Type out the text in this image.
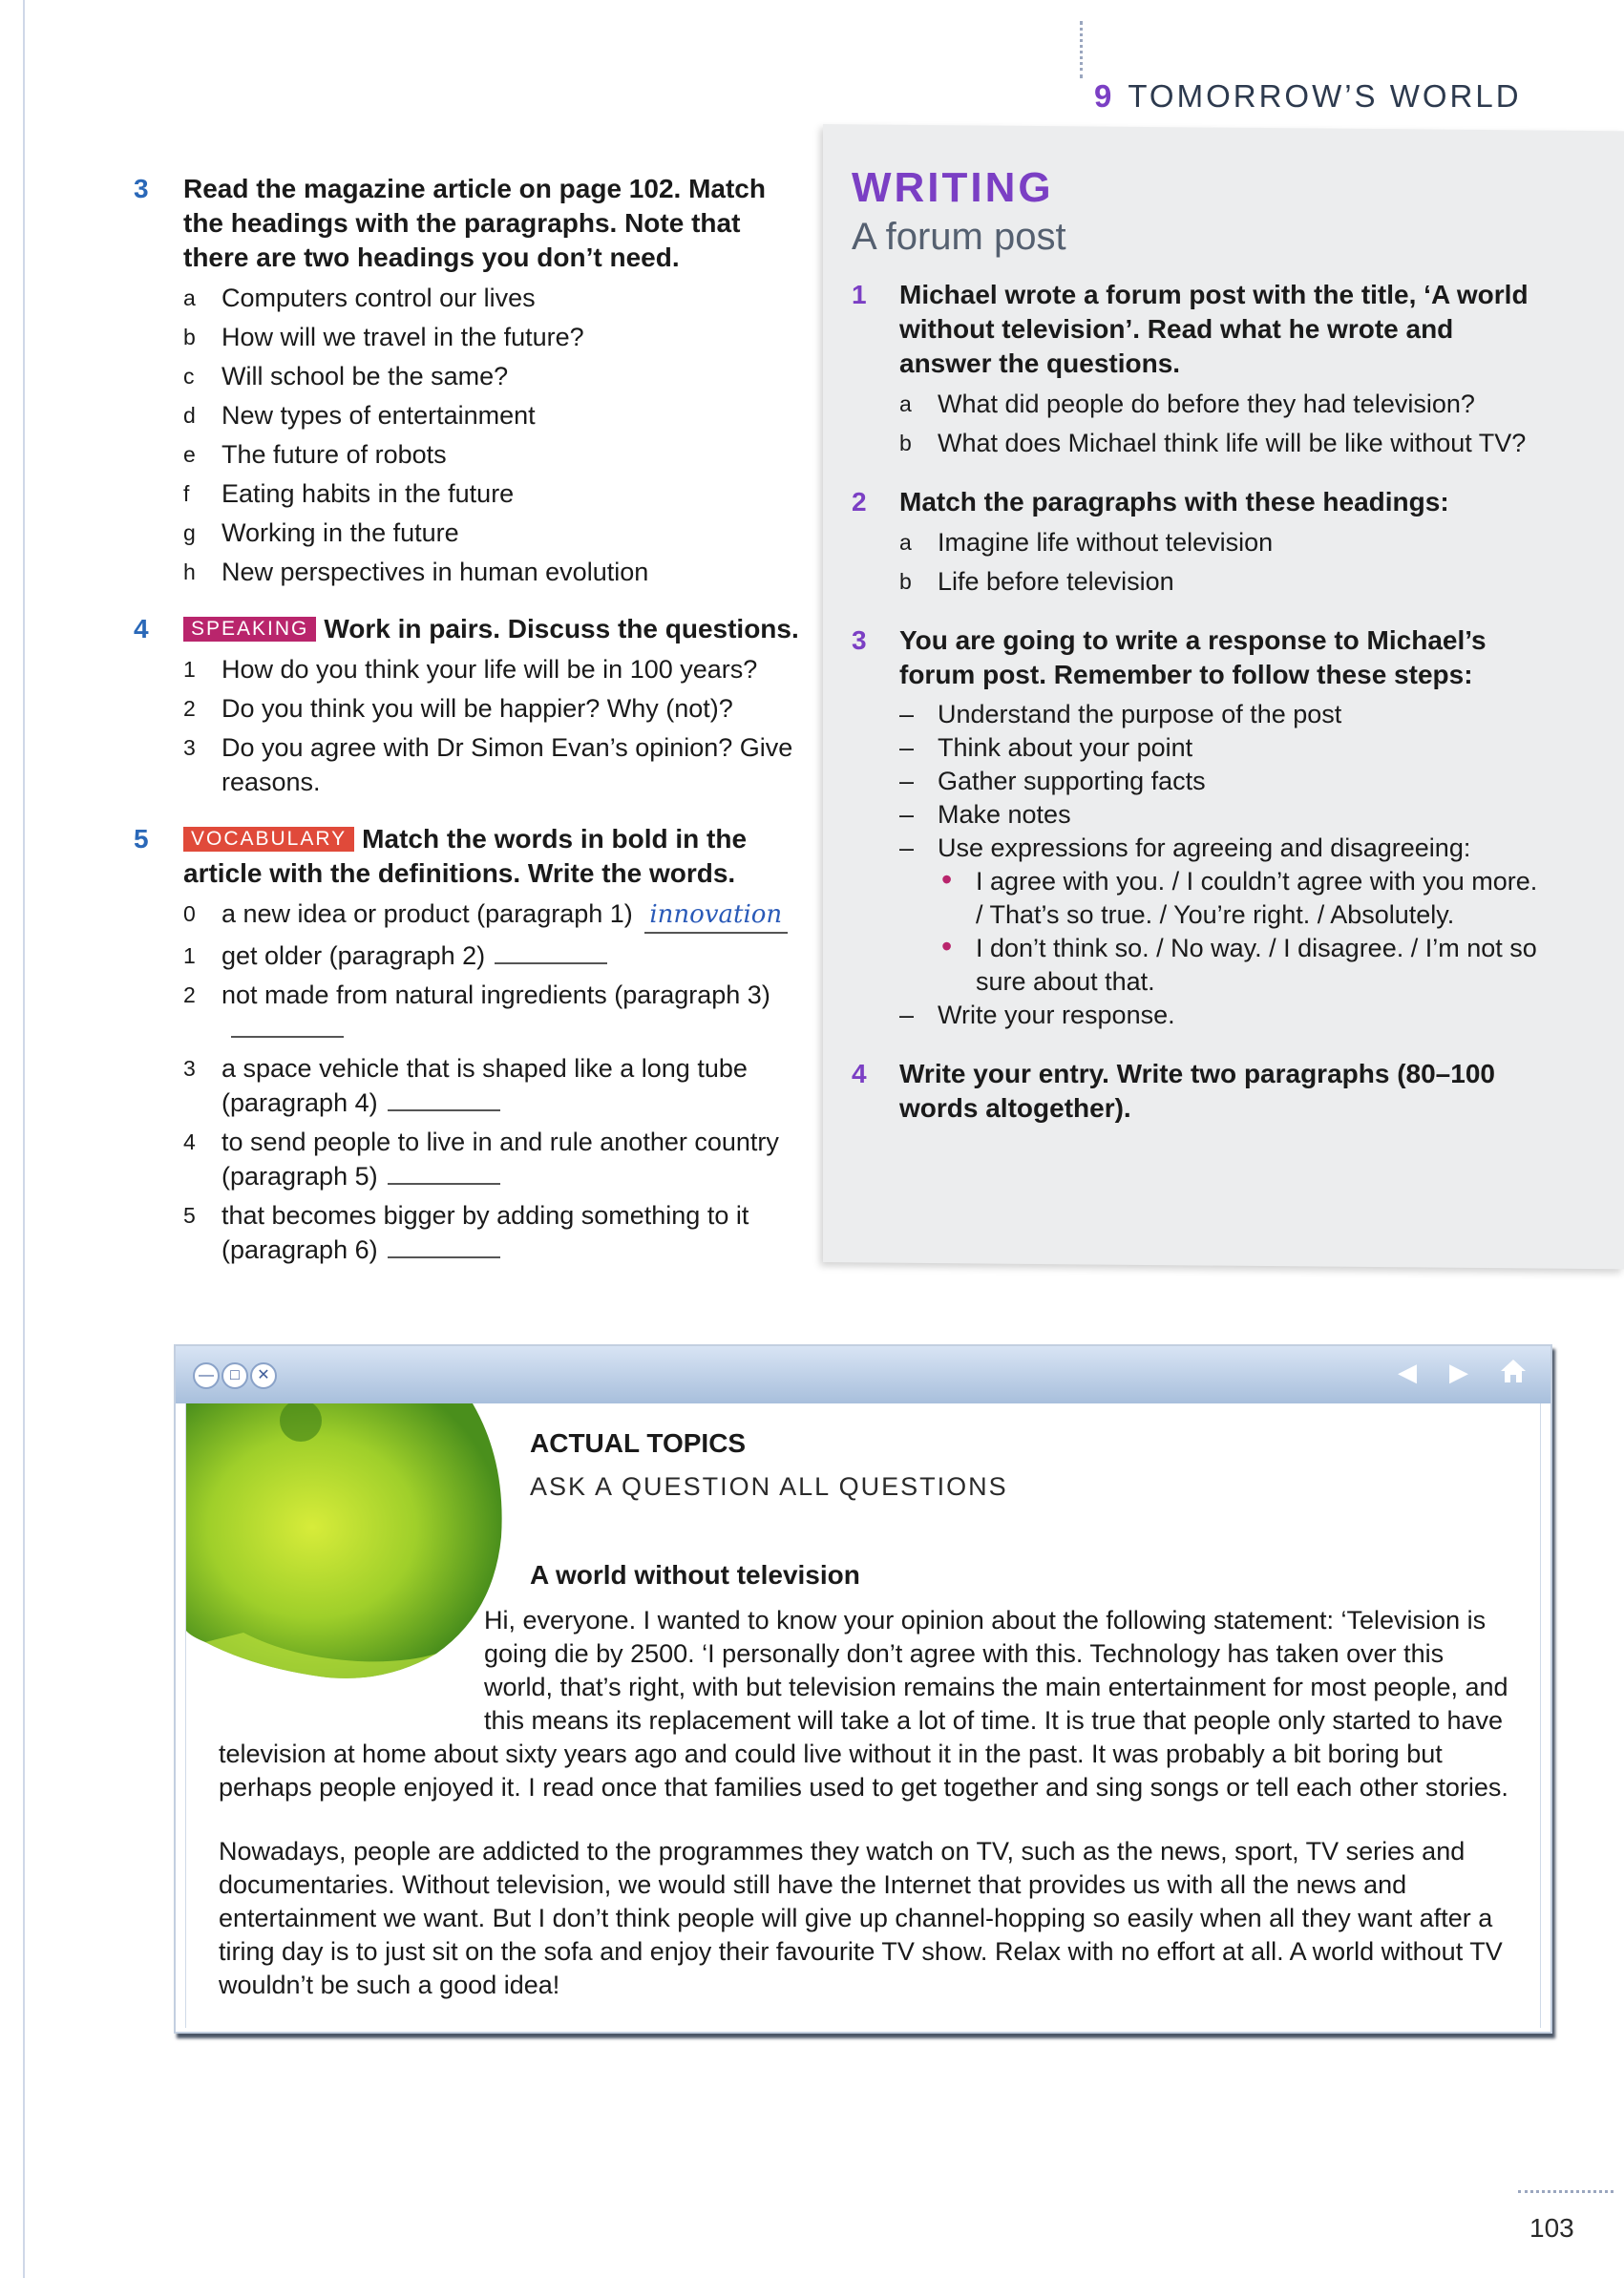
9 TOMORROW’S WORLD
3 Read the magazine article on page 102. Match the headings with the paragraphs. Note that there are two headings you don’t need.
a Computers control our lives
b How will we travel in the future?
c Will school be the same?
d New types of entertainment
e The future of robots
f Eating habits in the future
g Working in the future
h New perspectives in human evolution
4	SPEAKING Work in pairs. Discuss the questions.
1 How do you think your life will be in 100 years?
2 Do you think you will be happier? Why (not)?
3 Do you agree with Dr Simon Evan’s opinion? Give reasons.
5	VOCABULARY Match the words in bold in the article with the definitions. Write the words.
0 a new idea or product (paragraph 1) innovation
1 get older (paragraph 2)
2 not made from natural ingredients (paragraph 3)
3 a space vehicle that is shaped like a long tube (paragraph 4)
4 to send people to live in and rule another country (paragraph 5)
5 that becomes bigger by adding something to it (paragraph 6)
WRITING
A forum post
1 Michael wrote a forum post with the title, ‘A world without television’. Read what he wrote and answer the questions.
a What did people do before they had television?
b What does Michael think life will be like without TV?
2 Match the paragraphs with these headings:
a Imagine life without television
b Life before television
3 You are going to write a response to Michael’s forum post. Remember to follow these steps:
– Understand the purpose of the post
– Think about your point
– Gather supporting facts
– Make notes
– Use expressions for agreeing and disagreeing:
• I agree with you. / I couldn’t agree with you more. / That’s so true. / You’re right. / Absolutely.
• I don’t think so. / No way. / I disagree. / I’m not so sure about that.
– Write your response.
4 Write your entry. Write two paragraphs (80–100 words altogether).
—	□	✕	◀ ▶
ACTUAL TOPICS
ASK A QUESTION ALL QUESTIONS
A world without television
Hi, everyone. I wanted to know your opinion about the following statement: ‘Television is going die by 2500. ‘I personally don’t agree with this. Technology has taken over this world, that’s right, with but television remains the main entertainment for most people, and this means its replacement will take a lot of time. It is true that people only started to have
television at home about sixty years ago and could live without it in the past. It was probably a bit boring but perhaps people enjoyed it. I read once that families used to get together and sing songs or tell each other stories.
Nowadays, people are addicted to the programmes they watch on TV, such as the news, sport, TV series and documentaries. Without television, we would still have the Internet that provides us with all the news and entertainment we want. But I don’t think people will give up channel-hopping so easily when all they want after a tiring day is to just sit on the sofa and enjoy their favourite TV show. Relax with no effort at all. A world without TV wouldn’t be such a good idea!
103
